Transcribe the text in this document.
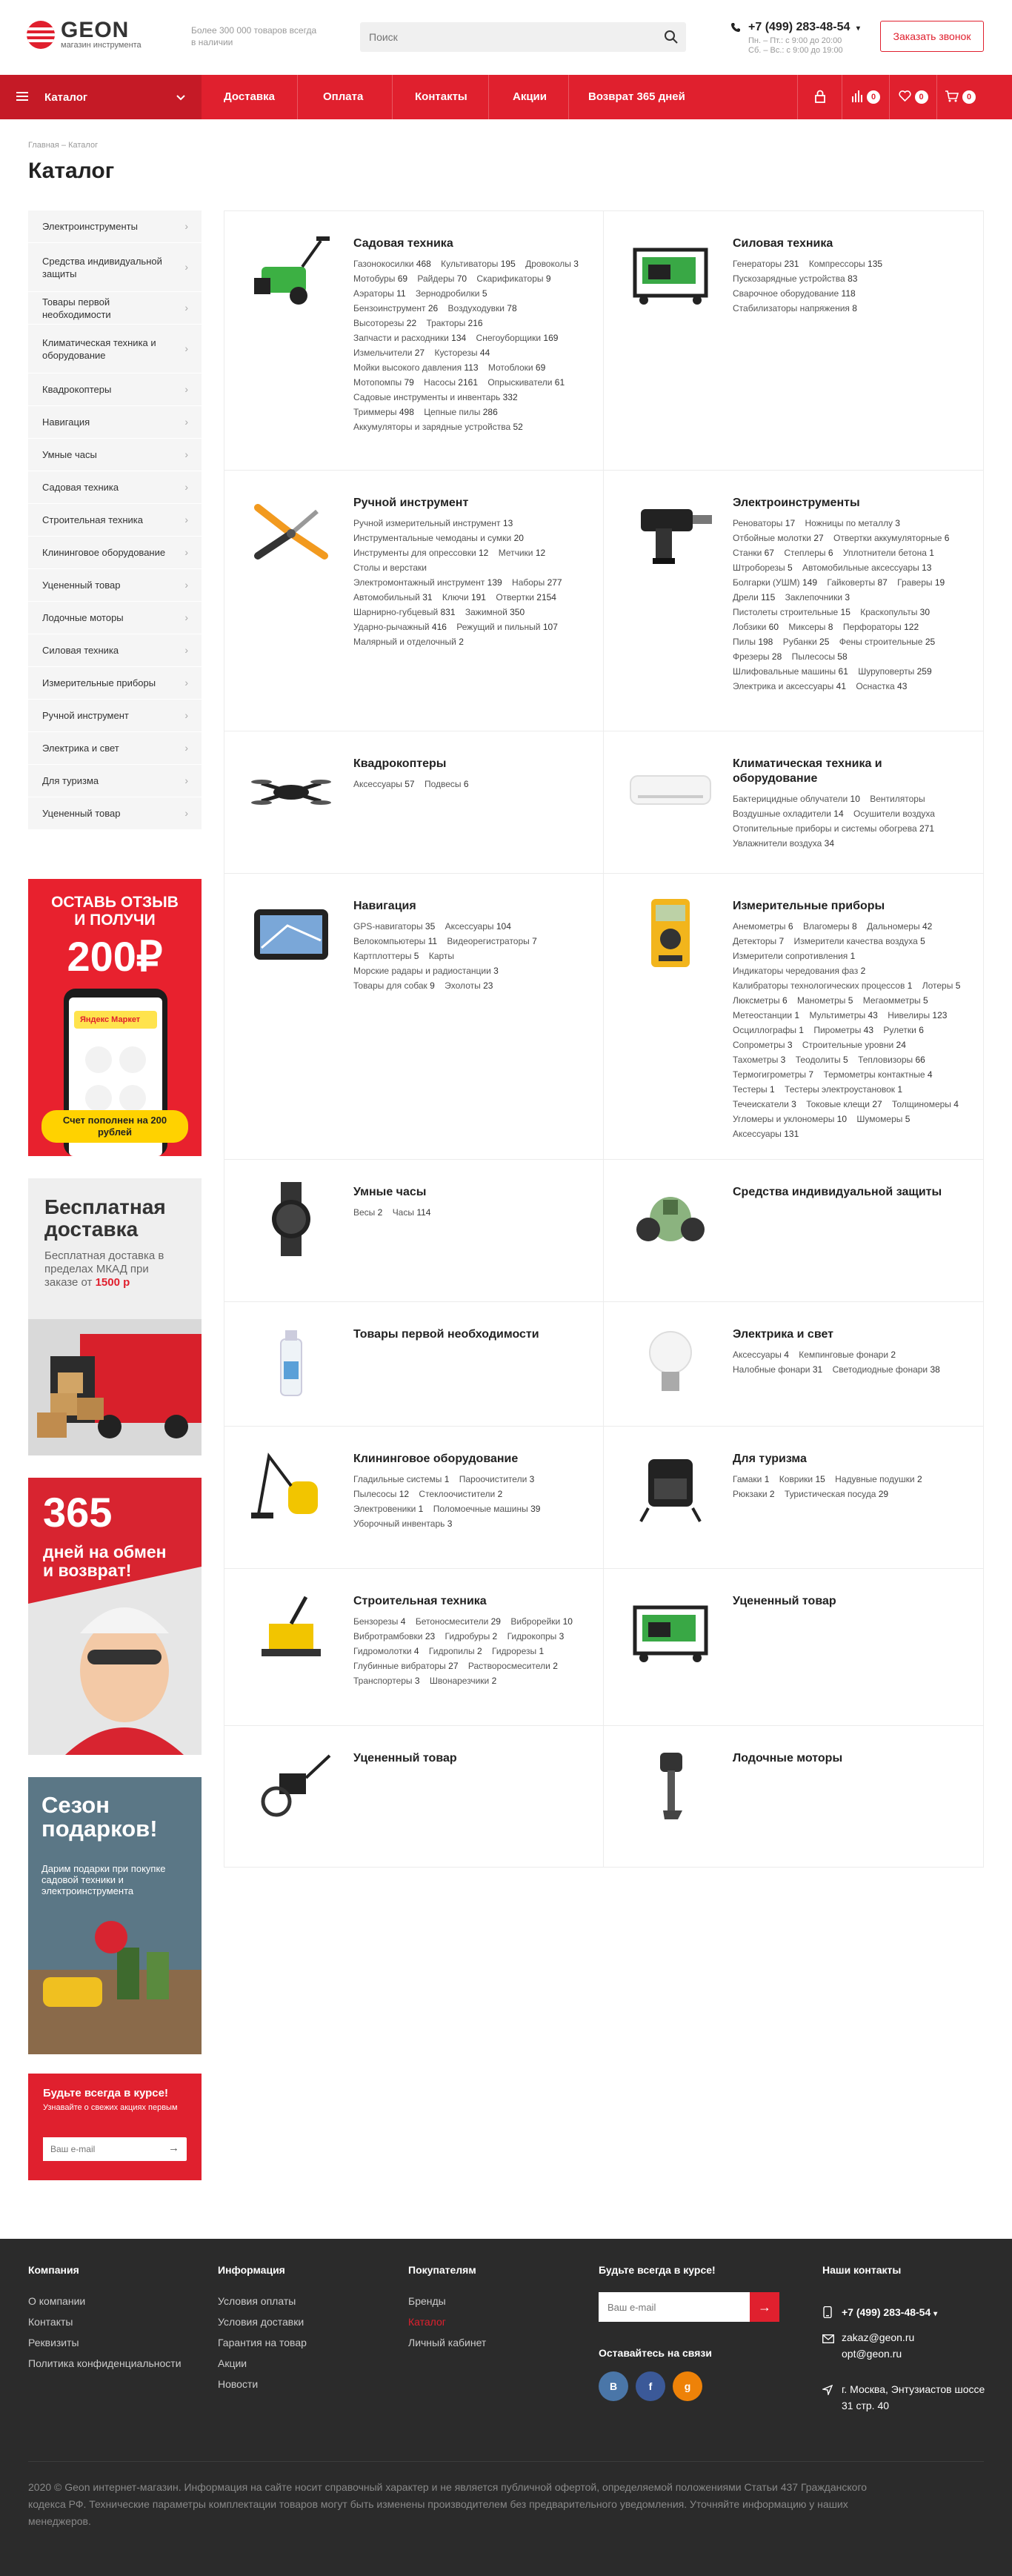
GEON
магазин инструмента
Более 300 000 товаров всегда в наличии
Поиск
+7 (499) 283-48-54 ▾
Пн. – Пт.: с 9:00 до 20:00
Сб. – Вс.: с 9:00 до 19:00
Заказать звонок
Каталог	Доставка	Оплата	Контакты	Акции	Возврат 365 дней	0	0	0
Главная – Каталог
Каталог
Электроинструменты	›
Средства индивидуальной защиты
›
Товары первой необходимости
›
Климатическая техника и оборудование
›
Квадрокоптеры	›
Навигация	›
Умные часы	›
Садовая техника	›
Строительная техника	›
Клининговое оборудование ›
Уцененный товар	›
Лодочные моторы	›
Силовая техника	›
Измерительные приборы	›
Ручной инструмент	›
Электрика и свет	›
Для туризма	›
Уцененный товар	›
ОСТАВЬ ОТЗЫВ
И ПОЛУЧИ
200₽
Яндекс Маркет
Счет пополнен на 200 рублей
Бесплатная доставка
Бесплатная доставка в пределах МКАД при заказе от 1500 р
365
дней на обмен и возврат!
Сезон подарков!
Дарим подарки при покупке садовой техники и электроинструмента
Будьте всегда в курсе!
Узнавайте о свежих акциях первым
Ваш e-mail
→
Садовая техника
Газонокосилки 468 Культиваторы 195 Дровоколы 3 Мотобуры 69 Райдеры 70 Скарификаторы 9 Аэраторы 11 Зернодробилки 5 Бензоинструмент 26 Воздуходувки 78 Высоторезы 22 Тракторы 216 Запчасти и расходники 134 Снегоуборщики 169 Измельчители 27 Кусторезы 44 Мойки высокого давления 113 Мотоблоки 69 Мотопомпы 79 Насосы 2161 Опрыскиватели 61 Садовые инструменты и инвентарь 332 Триммеры 498 Цепные пилы 286 Аккумуляторы и зарядные устройства 52
Силовая техника
Генераторы 231 Компрессоры 135 Пускозарядные устройства 83 Сварочное оборудование 118 Стабилизаторы напряжения 8
Ручной инструмент
Ручной измерительный инструмент 13 Инструментальные чемоданы и сумки 20 Инструменты для опрессовки 12 Метчики 12 Столы и верстаки Электромонтажный инструмент 139 Наборы 277 Автомобильный 31 Ключи 191 Отвертки 2154 Шарнирно-губцевый 831 Зажимной 350 Ударно-рычажный 416 Режущий и пильный 107 Малярный и отделочный 2
Электроинструменты
Реноваторы 17 Ножницы по металлу 3 Отбойные молотки 27 Отвертки аккумуляторные 6 Станки 67 Степлеры 6 Уплотнители бетона 1 Штроборезы 5 Автомобильные аксессуары 13 Болгарки (УШМ) 149 Гайковерты 87 Граверы 19 Дрели 115 Заклепочники 3 Пистолеты строительные 15 Краскопульты 30 Лобзики 60 Миксеры 8 Перфораторы 122 Пилы 198 Рубанки 25 Фены строительные 25 Фрезеры 28 Пылесосы 58 Шлифовальные машины 61 Шуруповерты 259 Электрика и аксессуары 41 Оснастка 43
Квадрокоптеры
Аксессуары 57 Подвесы 6
Климатическая техника и оборудование
Бактерицидные облучатели 10 Вентиляторы Воздушные охладители 14 Осушители воздуха Отопительные приборы и системы обогрева 271 Увлажнители воздуха 34
Навигация
GPS-навигаторы 35 Аксессуары 104 Велокомпьютеры 11 Видеорегистраторы 7 Картплоттеры 5 Карты Морские радары и радиостанции 3 Товары для собак 9 Эхолоты 23
Измерительные приборы
Анемометры 6 Влагомеры 8 Дальномеры 42 Детекторы 7 Измерители качества воздуха 5 Измерители сопротивления 1 Индикаторы чередования фаз 2 Калибраторы технологических процессов 1 Лотеры 5 Люксметры 6 Манометры 5 Мегаомметры 5 Метеостанции 1 Мультиметры 43 Нивелиры 123 Осциллографы 1 Пирометры 43 Рулетки 6 Сопрометры 3 Строительные уровни 24 Тахометры 3 Теодолиты 5 Тепловизоры 66 Термогигрометры 7 Термометры контактные 4 Тестеры 1 Тестеры электроустановок 1 Течеискатели 3 Токовые клещи 27 Толщиномеры 4 Угломеры и уклономеры 10 Шумомеры 5 Аксессуары 131
Умные часы
Весы 2 Часы 114
Средства индивидуальной защиты
Товары первой необходимости	Электрика и свет
Аксессуары 4 Кемпинговые фонари 2 Налобные фонари 31 Светодиодные фонари 38
Клининговое оборудование
Гладильные системы 1 Пароочистители 3 Пылесосы 12 Стеклоочистители 2 Электровеники 1 Поломоечные машины 39 Уборочный инвентарь 3
Для туризма
Гамаки 1 Коврики 15 Надувные подушки 2 Рюкзаки 2 Туристическая посуда 29
Строительная техника
Бензорезы 4 Бетоносмесители 29 Виброрейки 10 Вибротрамбовки 23 Гидробуры 2 Гидрокопры 3 Гидромолотки 4 Гидропилы 2 Гидрорезы 1 Глубинные вибраторы 27 Растворосмесители 2 Транспортеры 3 Швонарезчики 2
Уцененный товар
Уцененный товар	Лодочные моторы
Компания
О компании
Контакты
Реквизиты
Политика конфиденциальности
Информация
Условия оплаты
Условия доставки
Гарантия на товар
Акции
Новости
Покупателям
Бренды
Каталог
Личный кабинет
Будьте всегда в курсе!
Ваш e-mail
→
Оставайтесь на связи
В	f	g
Наши контакты
+7 (499) 283-48-54 ▾
zakaz@geon.ru
opt@geon.ru
г. Москва, Энтузиастов шоссе 31 стр. 40
2020 © Geon интернет-магазин. Информация на сайте носит справочный характер и не является публичной офертой, определяемой положениями Статьи 437 Гражданского кодекса РФ. Технические параметры комплектации товаров могут быть изменены производителем без предварительного уведомления. Уточняйте информацию у наших менеджеров.
